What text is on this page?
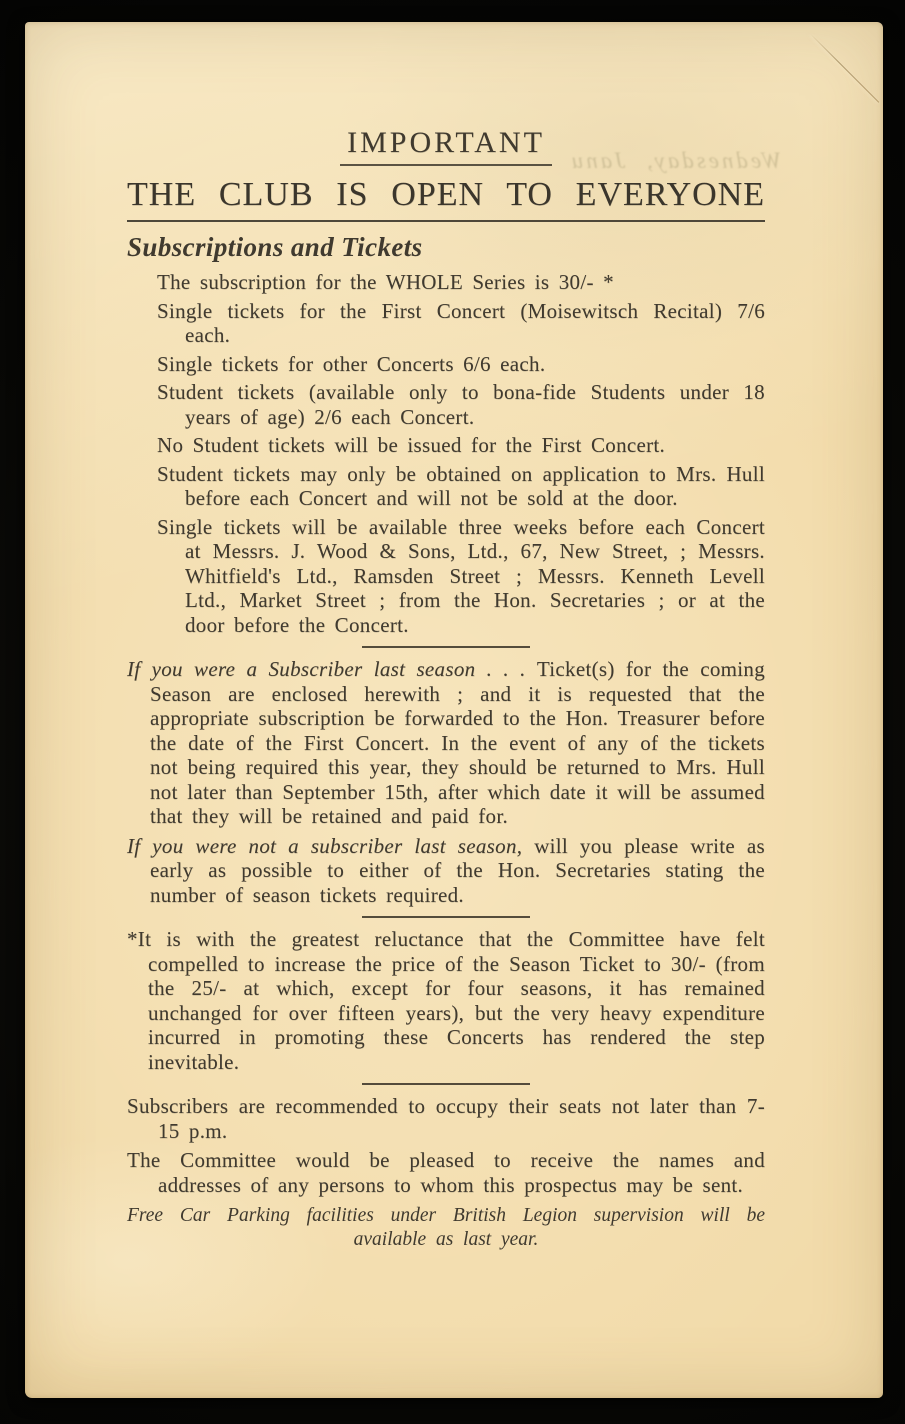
Wednesday, Janu
IMPORTANT
THE CLUB IS OPEN TO EVERYONE
Subscriptions and Tickets
The subscription for the WHOLE Series is 30/- *
Single tickets for the First Concert (Moisewitsch Recital) 7/6 each.
Single tickets for other Concerts 6/6 each.
Student tickets (available only to bona-fide Students under 18 years of age) 2/6 each Concert.
No Student tickets will be issued for the First Concert.
Student tickets may only be obtained on application to Mrs. Hull before each Concert and will not be sold at the door.
Single tickets will be available three weeks before each Concert at Messrs. J. Wood & Sons, Ltd., 67, New Street, ; Messrs. Whitfield's Ltd., Ramsden Street ; Messrs. Kenneth Levell Ltd., Market Street ; from the Hon. Secretaries ; or at the door before the Concert.
If you were a Subscriber last season . . . Ticket(s) for the coming Season are enclosed herewith ; and it is requested that the appropriate subscription be forwarded to the Hon. Treasurer before the date of the First Concert. In the event of any of the tickets not being required this year, they should be returned to Mrs. Hull not later than September 15th, after which date it will be assumed that they will be retained and paid for.
If you were not a subscriber last season, will you please write as early as possible to either of the Hon. Secretaries stating the number of season tickets required.
*It is with the greatest reluctance that the Committee have felt compelled to increase the price of the Season Ticket to 30/- (from the 25/- at which, except for four seasons, it has remained unchanged for over fifteen years), but the very heavy expenditure incurred in promoting these Concerts has rendered the step inevitable.
Subscribers are recommended to occupy their seats not later than 7-15 p.m.
The Committee would be pleased to receive the names and addresses of any persons to whom this prospectus may be sent.
Free Car Parking facilities under British Legion supervision will be available as last year.
